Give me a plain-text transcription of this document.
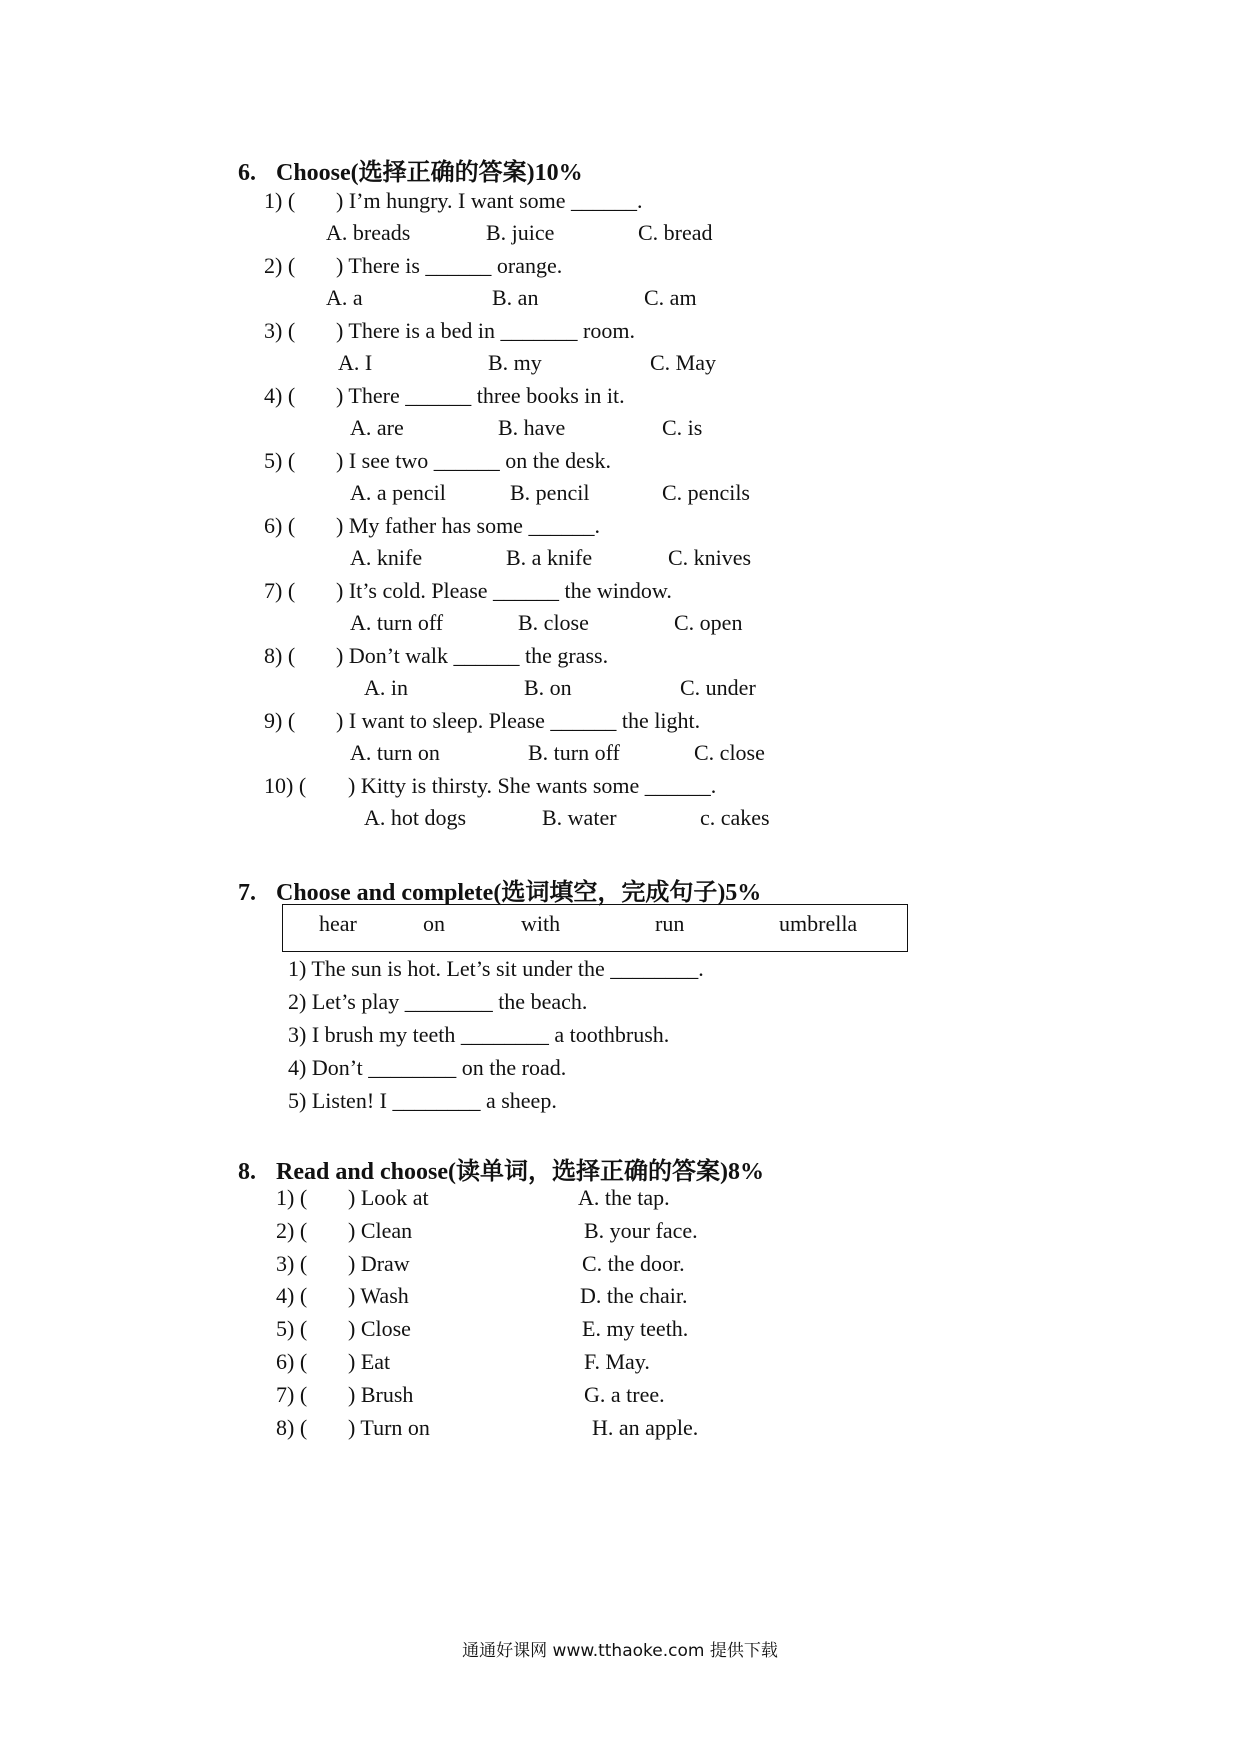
6. Choose(选择正确的答案)10%
1) ( ) I’m hungry. I want some ______.
A. breads	B. juice	C. bread
2) ( ) There is ______ orange.
A. a	B. an	C. am
3) ( ) There is a bed in _______ room.
A. I	B. my	C. May
4) ( ) There ______ three books in it.
A. are	B. have	C. is
5) ( ) I see two ______ on the desk.
A. a pencil	B. pencil	C. pencils
6) ( ) My father has some ______.
A. knife	B. a knife	C. knives
7) ( ) It’s cold. Please ______ the window.
A. turn off	B. close	C. open
8) ( ) Don’t walk ______ the grass.
A. in	B. on	C. under
9) ( ) I want to sleep. Please ______ the light.
A. turn on	B. turn off	C. close
10) ( ) Kitty is thirsty. She wants some ______.
A. hot dogs	B. water	c. cakes
7. Choose and complete(选词填空，完成句子)5%
hear	on	with	run	umbrella
1) The sun is hot. Let’s sit under the ________.
2) Let’s play ________ the beach.
3) I brush my teeth ________ a toothbrush.
4) Don’t ________ on the road.
5) Listen! I ________ a sheep.
8. Read and choose(读单词，选择正确的答案)8%
1) ( ) Look at	A. the tap.
2) ( ) Clean	B. your face.
3) ( ) Draw	C. the door.
4) ( ) Wash	D. the chair.
5) ( ) Close	E. my teeth.
6) ( ) Eat	F. May.
7) ( ) Brush	G. a tree.
8) ( ) Turn on	H. an apple.
通通好课网 www.tthaoke.com 提供下载
